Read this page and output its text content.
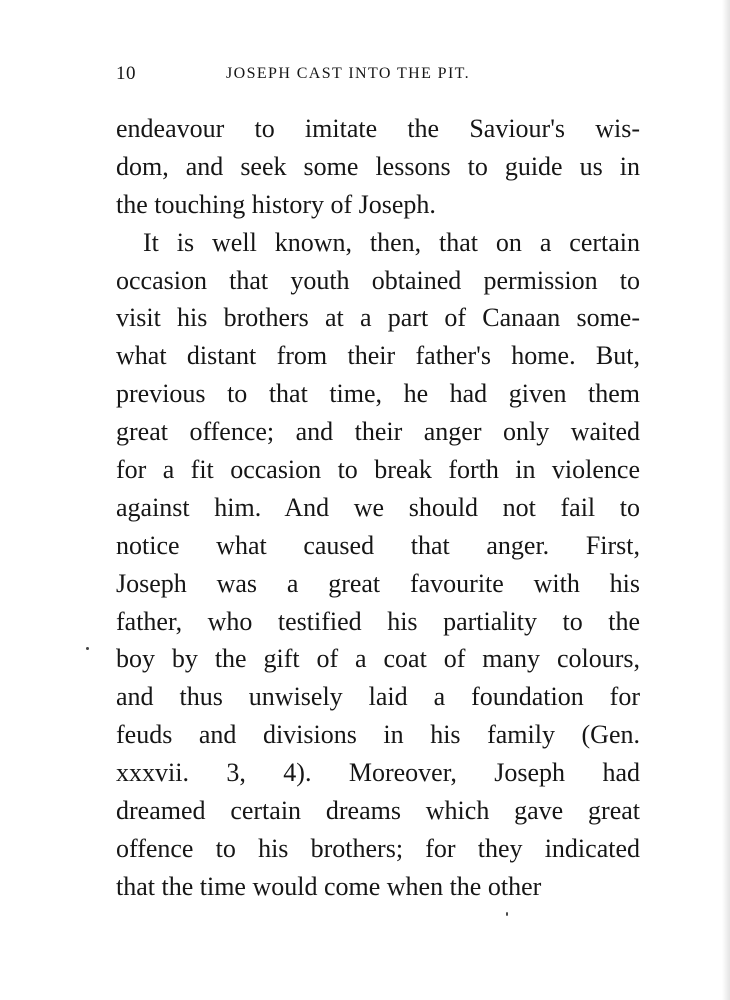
10	JOSEPH CAST INTO THE PIT.
endeavour to imitate the Saviour's wis-
dom, and seek some lessons to guide us in
the touching history of Joseph.
It is well known, then, that on a certain
occasion that youth obtained permission to
visit his brothers at a part of Canaan some-
what distant from their father's home. But,
previous to that time, he had given them
great offence; and their anger only waited
for a fit occasion to break forth in violence
against him. And we should not fail to
notice what caused that anger. First,
Joseph was a great favourite with his
father, who testified his partiality to the
boy by the gift of a coat of many colours,
and thus unwisely laid a foundation for
feuds and divisions in his family (Gen.
xxxvii. 3, 4). Moreover, Joseph had
dreamed certain dreams which gave great
offence to his brothers; for they indicated
that the time would come when the other
